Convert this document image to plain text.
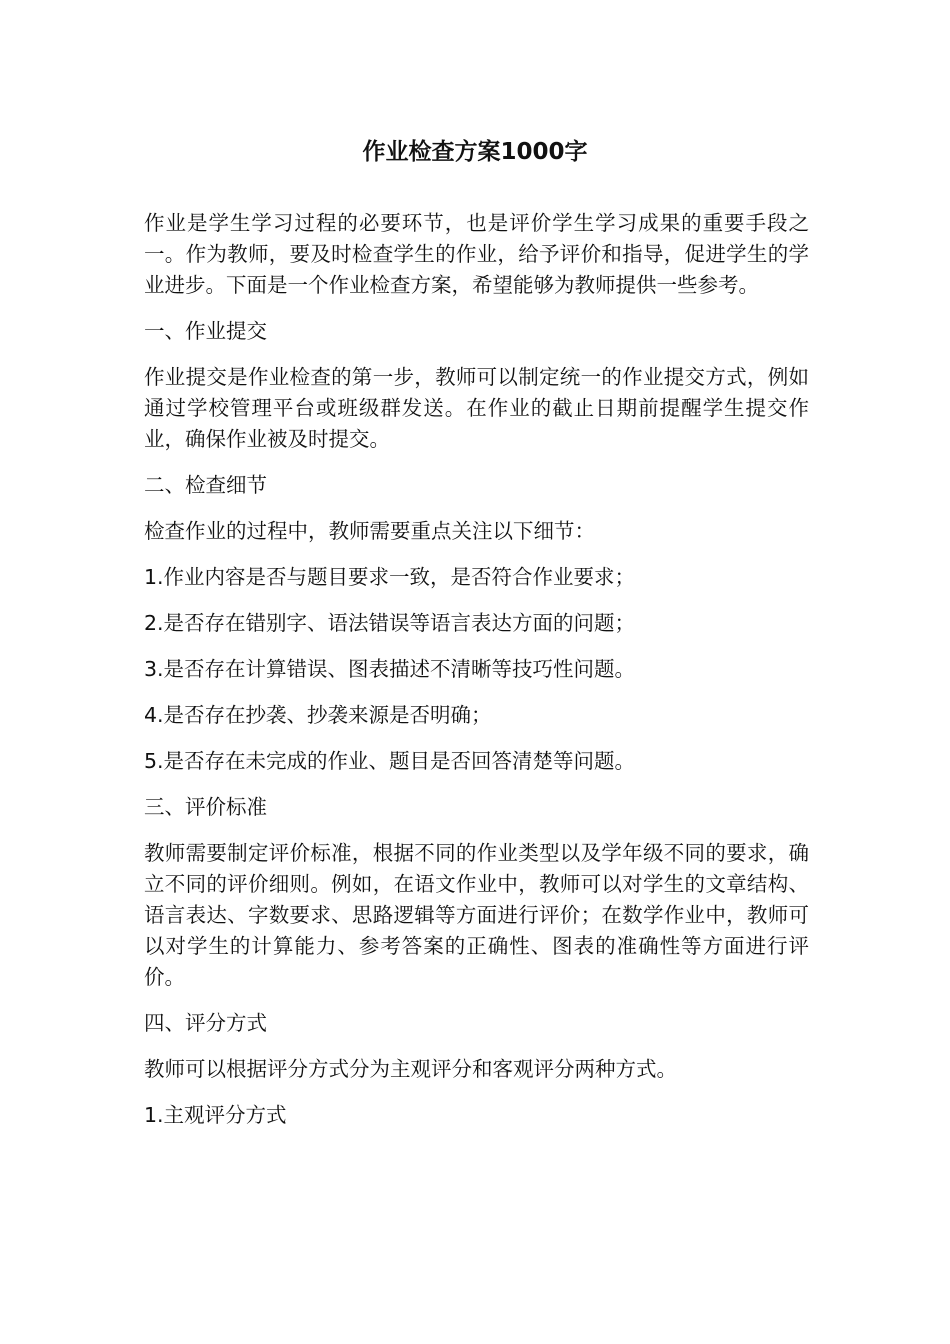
作业检查方案1000字

作业是学生学习过程的必要环节，也是评价学生学习成果的重要手段之一。作为教师，要及时检查学生的作业，给予评价和指导，促进学生的学业进步。下面是一个作业检查方案，希望能够为教师提供一些参考。

一、作业提交

作业提交是作业检查的第一步，教师可以制定统一的作业提交方式，例如通过学校管理平台或班级群发送。在作业的截止日期前提醒学生提交作业，确保作业被及时提交。

二、检查细节

检查作业的过程中，教师需要重点关注以下细节：

1.作业内容是否与题目要求一致，是否符合作业要求；

2.是否存在错别字、语法错误等语言表达方面的问题；

3.是否存在计算错误、图表描述不清晰等技巧性问题。

4.是否存在抄袭、抄袭来源是否明确；

5.是否存在未完成的作业、题目是否回答清楚等问题。

三、评价标准

教师需要制定评价标准，根据不同的作业类型以及学年级不同的要求，确立不同的评价细则。例如，在语文作业中，教师可以对学生的文章结构、语言表达、字数要求、思路逻辑等方面进行评价；在数学作业中，教师可以对学生的计算能力、参考答案的正确性、图表的准确性等方面进行评价。

四、评分方式

教师可以根据评分方式分为主观评分和客观评分两种方式。

1.主观评分方式
